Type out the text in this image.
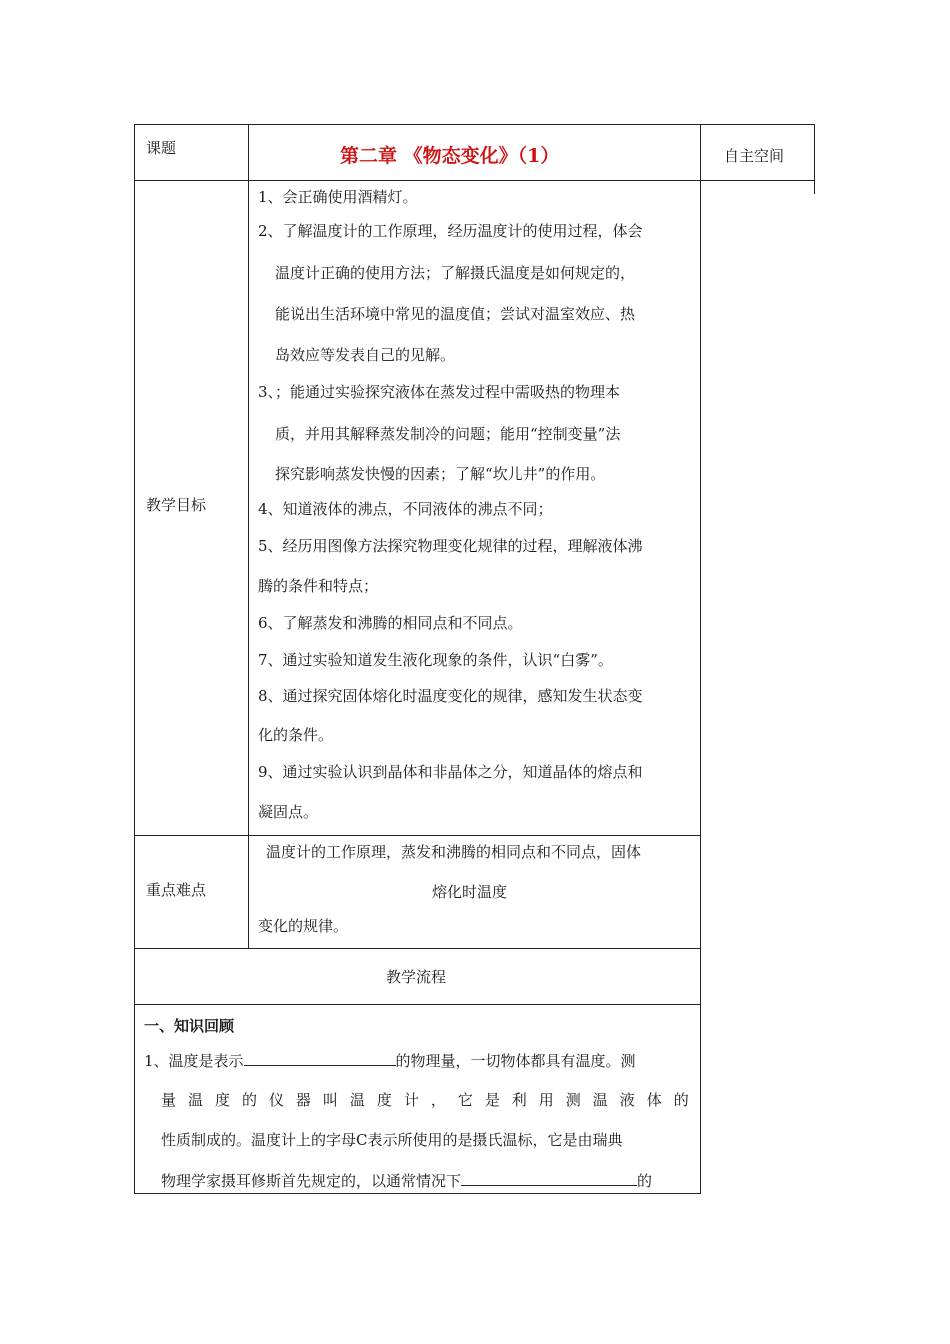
课题	第二章 《物态变化》（1）	自主空间
教学目标
1、会正确使用酒精灯。
2、了解温度计的工作原理，经历温度计的使用过程，体会
温度计正确的使用方法；了解摄氏温度是如何规定的，
能说出生活环境中常见的温度值；尝试对温室效应、热
岛效应等发表自己的见解。
3、；能通过实验探究液体在蒸发过程中需吸热的物理本
质，并用其解释蒸发制冷的问题；能用“控制变量”法
探究影响蒸发快慢的因素；了解“坎儿井”的作用。
4、知道液体的沸点，不同液体的沸点不同；
5、经历用图像方法探究物理变化规律的过程，理解液体沸
腾的条件和特点；
6、了解蒸发和沸腾的相同点和不同点。
7、通过实验知道发生液化现象的条件，认识“白雾”。
8、通过探究固体熔化时温度变化的规律，感知发生状态变
化的条件。
9、通过实验认识到晶体和非晶体之分，知道晶体的熔点和
凝固点。
重点难点
温度计的工作原理，蒸发和沸腾的相同点和不同点，固体
熔化时温度
变化的规律。
教学流程
一、知识回顾
1、温度是表示	的物理量，一切物体都具有温度。测
量 温 度 的 仪 器 叫 温 度 计 ， 它 是 利 用 测 温 液 体 的
性质制成的。温度计上的字母C表示所使用的是摄氏温标，它是由瑞典
物理学家摄耳修斯首先规定的，以通常情况下	的
